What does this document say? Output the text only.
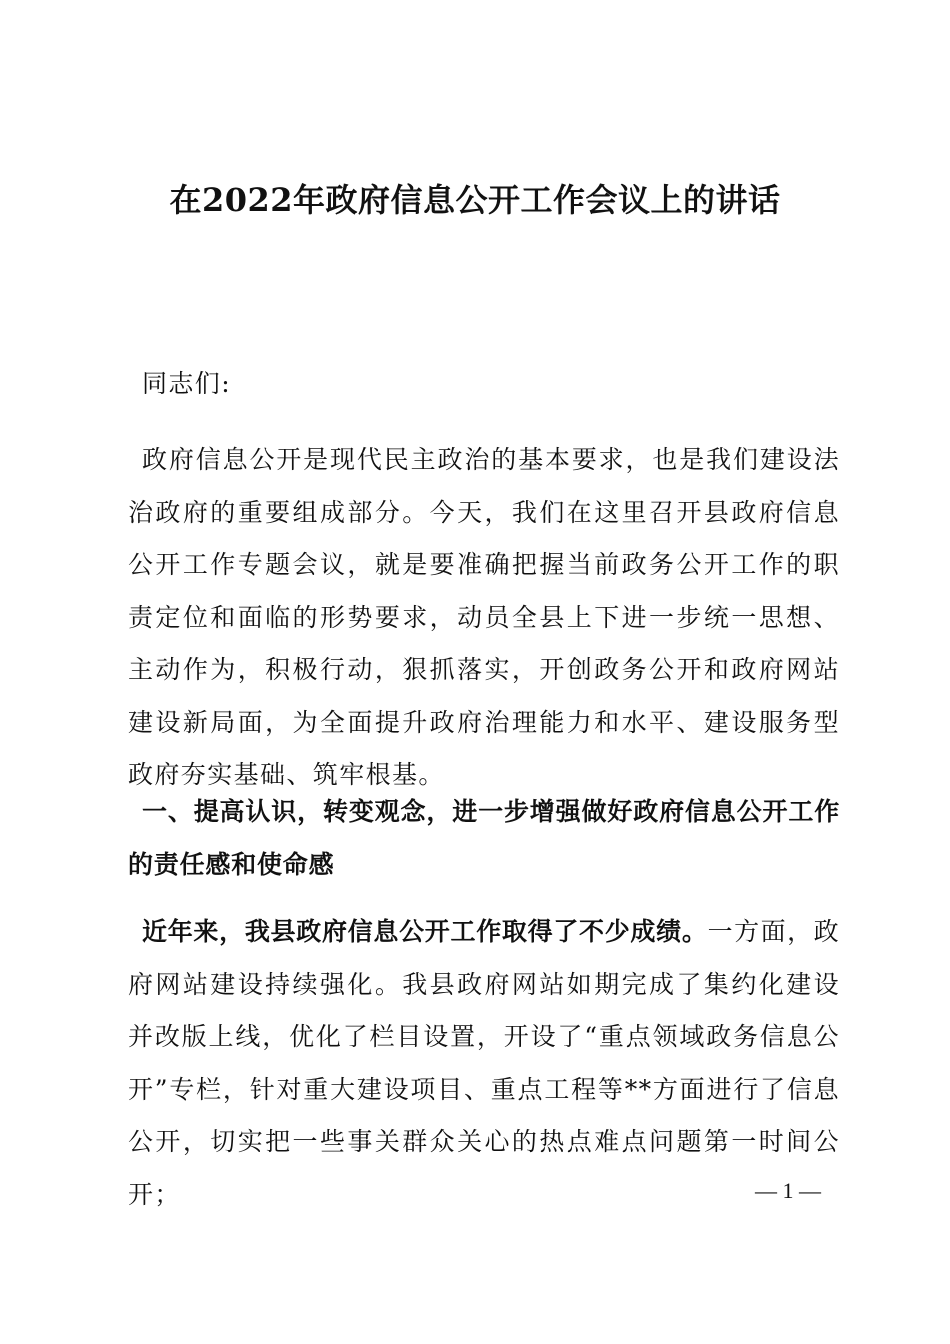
在2022年政府信息公开工作会议上的讲话

同志们:

政府信息公开是现代民主政治的基本要求，也是我们建设法治政府的重要组成部分。今天，我们在这里召开县政府信息公开工作专题会议，就是要准确把握当前政务公开工作的职责定位和面临的形势要求，动员全县上下进一步统一思想、主动作为，积极行动，狠抓落实，开创政务公开和政府网站建设新局面，为全面提升政府治理能力和水平、建设服务型政府夯实基础、筑牢根基。

一、提高认识，转变观念，进一步增强做好政府信息公开工作的责任感和使命感

近年来，我县政府信息公开工作取得了不少成绩。一方面，政府网站建设持续强化。我县政府网站如期完成了集约化建设并改版上线，优化了栏目设置，开设了“重点领域政务信息公开”专栏，针对重大建设项目、重点工程等**方面进行了信息公开，切实把一些事关群众关心的热点难点问题第一时间公开；	— 1 —
